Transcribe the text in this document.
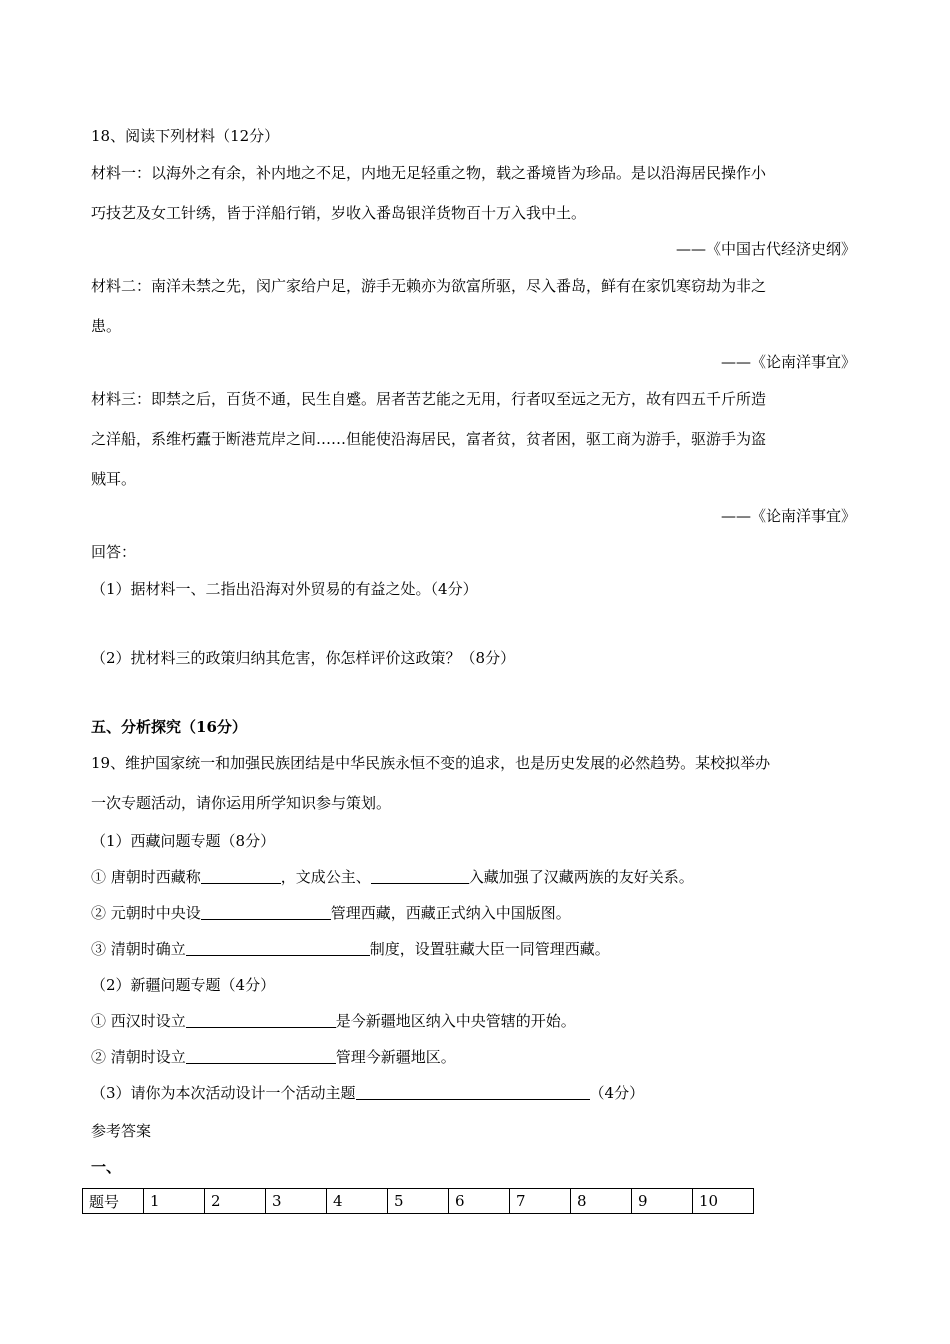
18、阅读下列材料（12分）
材料一：以海外之有余，补内地之不足，内地无足轻重之物，载之番境皆为珍品。是以沿海居民操作小
巧技艺及女工针绣，皆于洋船行销，岁收入番岛银洋货物百十万入我中土。
——《中国古代经济史纲》
材料二：南洋未禁之先，闵广家给户足，游手无赖亦为欲富所驱，尽入番岛，鲜有在家饥寒窃劫为非之
患。
——《论南洋事宜》
材料三：即禁之后，百货不通，民生自蹙。居者苦艺能之无用，行者叹至远之无方，故有四五千斤所造
之洋船，系维朽蠹于断港荒岸之间……但能使沿海居民，富者贫，贫者困，驱工商为游手，驱游手为盗
贼耳。
——《论南洋事宜》
回答：
（1）据材料一、二指出沿海对外贸易的有益之处。（4分）
（2）扰材料三的政策归纳其危害，你怎样评价这政策？（8分）
五、分析探究（16分）
19、维护国家统一和加强民族团结是中华民族永恒不变的追求，也是历史发展的必然趋势。某校拟举办
一次专题活动，请你运用所学知识参与策划。
（1）西藏问题专题（8分）
① 唐朝时西藏称	，文成公主、	入藏加强了汉藏两族的友好关系。
② 元朝时中央设	管理西藏，西藏正式纳入中国版图。
③ 清朝时确立	制度，设置驻藏大臣一同管理西藏。
（2）新疆问题专题（4分）
① 西汉时设立	是今新疆地区纳入中央管辖的开始。
② 清朝时设立	管理今新疆地区。
（3）请你为本次活动设计一个活动主题	（4分）
参考答案
一、
题号	1	2	3	4	5	6	7	8	9	10
